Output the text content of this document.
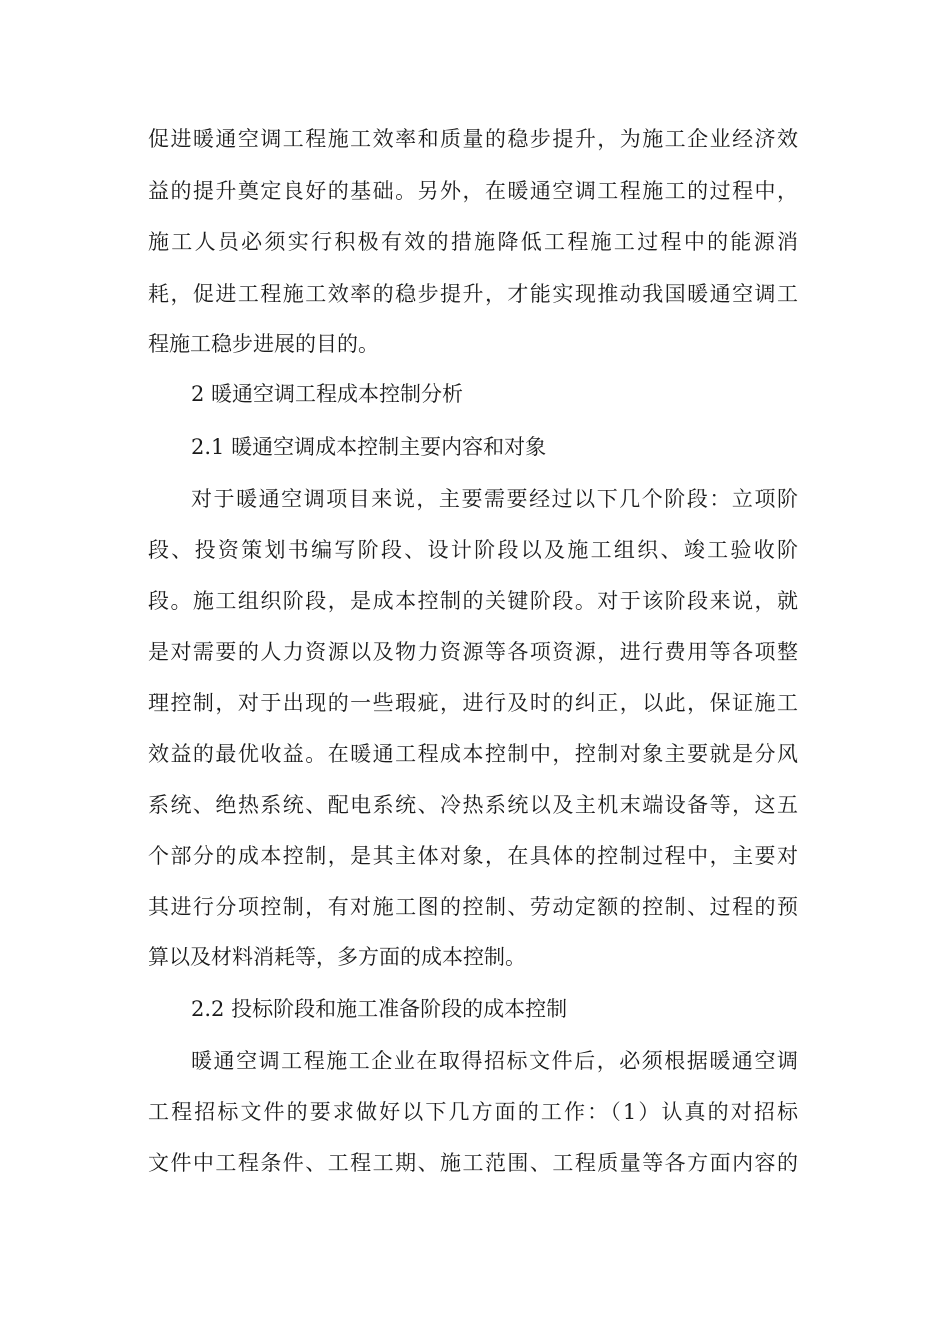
促进暖通空调工程施工效率和质量的稳步提升，为施工企业经济效
益的提升奠定良好的基础。另外，在暖通空调工程施工的过程中，
施工人员必须实行积极有效的措施降低工程施工过程中的能源消
耗，促进工程施工效率的稳步提升，才能实现推动我国暖通空调工
程施工稳步进展的目的。
2 暖通空调工程成本控制分析
2.1 暖通空调成本控制主要内容和对象
对于暖通空调项目来说，主要需要经过以下几个阶段：立项阶
段、投资策划书编写阶段、设计阶段以及施工组织、竣工验收阶
段。施工组织阶段，是成本控制的关键阶段。对于该阶段来说，就
是对需要的人力资源以及物力资源等各项资源，进行费用等各项整
理控制，对于出现的一些瑕疵，进行及时的纠正，以此，保证施工
效益的最优收益。在暖通工程成本控制中，控制对象主要就是分风
系统、绝热系统、配电系统、冷热系统以及主机末端设备等，这五
个部分的成本控制，是其主体对象，在具体的控制过程中，主要对
其进行分项控制，有对施工图的控制、劳动定额的控制、过程的预
算以及材料消耗等，多方面的成本控制。
2.2 投标阶段和施工准备阶段的成本控制
暖通空调工程施工企业在取得招标文件后，必须根据暖通空调
工程招标文件的要求做好以下几方面的工作：（1）认真的对招标
文件中工程条件、工程工期、施工范围、工程质量等各方面内容的
